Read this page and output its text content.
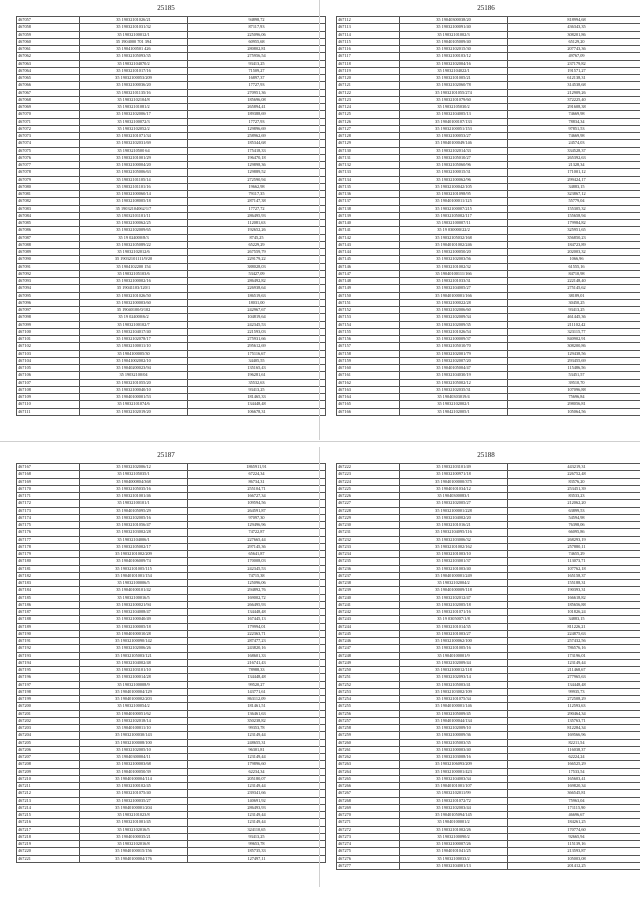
25185
467057	35 19032101026/21	94898,72
467058	35 19032101031/32	87117,93
467059	35 19032100012/1	225096,06
467060	35 1904000 701 394	60955,68
467061	35 1904100501 426	280802,81
467062	35 19032105093/35	275956,54
467063	35 19032104070/2	93413,25
467064	35 19032101017/16	71509,27
467065	35 19032100053/209	16897,37
467066	35 19032100036/20	17727,93
467067	35 19032101135/16	270951,36
467068	35 19032102104/8	185696,08
467069	35 19032101081/2	265894,41
467070	35 19032102006/17	189388,69
467071	35 19032100072/3	17727,93
467072	35 19032102052/2	129896,69
467073	35 19032101071/34	258962,69
467074	35 19032102031/69	185344,68
467075	35 1903210500 64	175418,33
467076	35 19032101001/29	196470,18
467077	35 19032100004/20	129898,36
467078	35 19032105006/63	129889,52
467079	35 19032101105/14	272590,94
467080	35 19032101101/16	19662,98
467081	35 19032100060/14	79117,35
467082	35 19032108005/18	287147,38
467083	35 19032104062/1/7	17727,72
467084	35 19032101101/11	286495,93
467085	35 19032100062/25	112081,63
467086	35 19032102009/65	192652,26
467087	35 19 024000/8/3	8745,25
467088	35 19032105089/22	65229,29
467089	35 19032102012/6	267559,79
467090	35 19032101111/9/20	229179,22
467091	35 1904102200 154	388028,03
467092	35 19032105103/6	53427,09
467093	35 19032100002/16	286492,82
467094	35 19041103/120/1	226938,64
467095	35 19032101026/50	186519,63
467096	35 19032100003/60	18031,00
467097	35 19040100/0/102	242967,67
467098	35 19 024000/6/2	104819,64
467099	35 19032100102/7	242345,53
467100	35 19032104017/40	221593,03
467101	35 19032102078/17	275931,66
467102	35 19032100011/10	295612,69
467103	35 1904100005/30	175116,67
467104	35 19041002002/10	34405,55
467105	35 19040200023/94	135165,43
467106	35 19032100/04	196281,61
467107	35 19032101055/20	35532,63
467108	35 19032100040/10	93413,25
467109	35 19040100001/53	181465,33
467110	35 19032101074/6	134448,48
467111	35 19032102019/20	106678,31
25186
467112	35 19040300038/20	818994,68
467113	35 19032100091/40	436343,35
467114	35 19032101002/3	308201,86
467115	35 19040105009/40	65129,20
467116	35 19032102015/30	207743,36
467117	35 19032100103/12	49767,09
467118	35 19032102004/16	237179,82
467119	35 19032104022/1	191571,27
467120	35 19032101005/21	612138,31
467121	35 19032102060/78	314538,68
467122	35 19032101055/274	212909,26
467123	35 19032101079/60	372225,40
467124	35 19032105030/2	291608,38
467125	35 19032104005/13	74669,98
467126	35 19040100107/133	78834,34
467127	35 19032100051/153	97851,53
467128	35 19032100053/27	74669,98
467129	35 19040100049/146	24574,03
467130	35 19032102014/33	334528,37
467131	35 19032105010/27	265392,63
467132	35 19032105060/96	21328,34
467133	35 19032100015/31	171001,12
467134	35 19032100062/96	299424,17
467135	35 19032100042/105	34883,15
467136	35 19032101098/95	323867,12
467137	35 19040100011/125	55779,04
467138	35 19032100007/215	155305,32
467139	35 19032105002/117	155658,94
467140	35 19032100007/11	179984,82
467141	35 19 030000/22/2	325951,65
467142	35 19032105032/168	356850,23
467143	35 19040101002/246	184723,89
467144	35 19032100050/20	202003,32
467145	35 19032102003/56	1066,96
467146	35 19032101002/32	61555,16
467147	35 19040100111/166	84710,98
467148	35 19032101033/31	222148,40
467149	35 19032104005/27	275145,62
467150	35 19040100001/166	38189,01
467151	35 19032100022/28	30450,25
467152	35 19032102006/60	93413,25
467153	35 19032102009/34	461445,36
467154	35 19032102009/35	211102,42
467155	35 19032101026/54	323115,77
467156	35 19032100009/37	840902,91
467157	35 19032105010/70	308200,86
467158	35 19032102001/79	129438,56
467159	35 19032102007/20	293455,69
467160	35 19040105004/47	115486,56
467161	35 19032104030/19	53451,57
467162	35 19032105002/12	39510,70
467163	35 19032102035/31	107096,88
467164	35 19040303019/4	75696,84
467165	35 19032102002/1	298056,81
467166	35 19042102005/1	105064,56
25187
467167	35 19032102006/12	1865911,91
467168	35 19032105035/1	67224,34
467169	35 1904000804/368	86734,31
467170	35 19032105035/16	255104,71
467171	35 19032101001/46	166727,34
467172	35 19032100101/1	109594,56
467173	35 19040105095/29	264591,87
467174	35 19032102005/16	97097,30
467175	35 19032101056/47	129496,96
467176	35 19032103002/28	74722,87
467177	35 19032104006/1	227665,44
467178	35 19032105002/17	297145,36
467179	35 19032101002/209	65641,87
467180	35 19040106009/74	170008,03
467181	35 19032101005/115	242345,53
467182	35 19040101001/154	74715,38
467183	35 19032100006/5	125096,06
467184	35 19040100101/42	294892,76
467185	35 19032100016/5	169002,72
467186	35 19032100021/94	266495,93
467187	35 19032104008/47	134448,48
467188	35 19032100040/49	167445,13
467189	35 19032100005/18	179994,01
467190	35 19040100010/28	222363,71
467191	35 19032100090/142	287477,23
467192	35 19032102006/26	243820,16
467193	35 19032105003/121	168601,33
467194	35 19032104002/48	216741,43
467195	35 19032103101/10	78988,33
467196	35 19032100014/28	134448,48
467197	35 19032100008/9	99520,27
467198	35 19040100004/129	143771,61
467199	35 19040100002/203	863112,09
467200	35 19032100054/2	181461,51
467201	35 19040100051/62	136461,63
467202	35 19032102018/14	350238,82
467203	35 19040100011/10	99353,78
467204	35 19032100030/143	123149,44
467205	35 19032100008/100	248655,31
467206	35 19032102005/10	96301,81
467207	35 19040300004/11	123149,44
467208	35 19032100003/68	179896,60
467209	35 19040100050/39	62234,34
467210	35 19040100004/114	205180,07
467211	35 19032100102/45	123149,44
467212	35 19032101075/40	239341,66
467213	35 19032100035/27	140691,92
467214	35 19040100001/204	286493,93
467215	35 19032101023/8	123149,44
467216	35 19032101001/45	123149,44
467217	35 19032102016/5	324110,65
467218	35 19040100035/21	93413,25
467219	35 19032102016/8	99653,78
467220	35 19040100015/156	185735,33
467221	35 19040100004/176	127497,11
25188
467222	35 19032103101/49	443219,31
467223	35 19032100971/18	226752,48
467224	35 19040100000/375	83576,20
467225	35 19040101034/12	253451,39
467226	35 19040300083/1	83533,23
467227	35 19032102005/27	212062,20
467228	35 19032100001/228	63899,53
467229	35 19032104002/20	54594,98
467230	35 19032101016/21	76398,06
467231	35 19032104095/116	66095,86
467232	35 19032103006/32	268293,19
467233	35 19032101002/162	257880,11
467234	35 19032101003/10	74655,29
467235	35 19032103001/37	113073,71
467236	35 19032101003/40	107762,18
467237	35 19040100001/249	165158,37
467238	35 19032102004/2	155188,31
467239	35 19040100009/118	190393,31
467240	35 19032102012/47	166618,82
467241	35 19032102005/18	185656,88
467242	35 19032101071/16	101826,24
467243	35 19 0305007/1/8	34883,15
467244	35 19032101014/35	811226,21
467245	35 19032101003/27	224875,63
467246	35 19032100062/100	257432,56
467247	35 19032101005/16	786576,16
467248	35 19040100001/9	173196,01
467249	35 19032102009/44	123149,44
467250	35 19032100012/118	211468,67
467251	35 19032102093/14	277965,63
467252	35 19032105003/41	134448,48
467253	35 19032103002/109	99935,73
467254	35 19032101075/34	272508,29
467255	35 19040100001/146	112593,63
467256	35 19032105009/45	290464,34
467257	35 19040100044/134	135763,71
467258	35 19032102009/10	812284,34
467259	35 19032100009/36	169566,96
467260	35 19032105003/35	82211,54
467261	35 19032100003/40	116038,37
467262	35 19032103008/16	62224,24
467263	35 19032106093/209	166525,29
467264	35 19032100001/423	17533,54
467265	35 19032104003/34	165603,41
467266	35 19040101001/107	169820,34
467267	35 19032102011/99	366545,81
467268	35 19032101072/72	75963,04
467269	35 19032102003/44	171115,90
467270	35 19040105094/145	46696,67
467271	35 19040100001/2	184261,25
467272	35 19032101002/26	170774,60
467273	35 19032100090/2	92665,94
467274	35 19032100007/26	115139,16
467275	35 19040101041/25	213593,87
467276	35 19032100033/2	105003,08
467277	35 19032104001/13	201412,25
